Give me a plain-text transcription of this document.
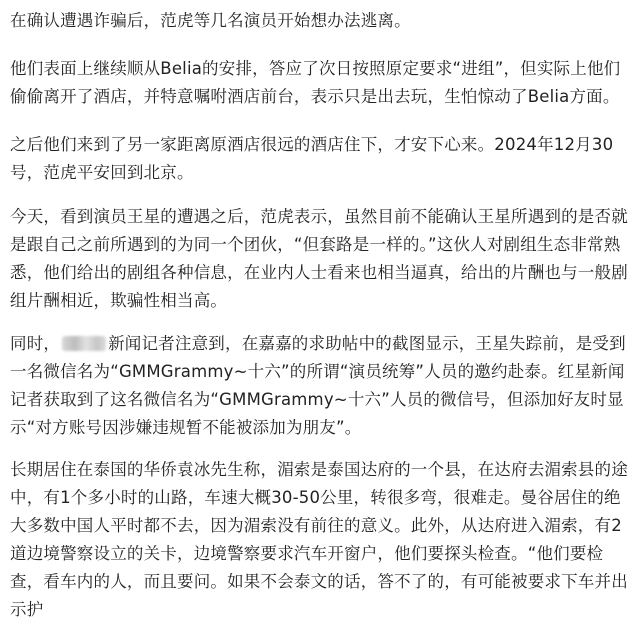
在确认遭遇诈骗后，范虎等几名演员开始想办法逃离。

他们表面上继续顺从Belia的安排，答应了次日按照原定要求“进组”，但实际上他们偷偷离开了酒店，并特意嘱咐酒店前台，表示只是出去玩，生怕惊动了Belia方面。

之后他们来到了另一家距离原酒店很远的酒店住下，才安下心来。2024年12月30号，范虎平安回到北京。

今天，看到演员王星的遭遇之后，范虎表示，虽然目前不能确认王星所遇到的是否就是跟自己之前所遇到的为同一个团伙，“但套路是一样的。”这伙人对剧组生态非常熟悉，他们给出的剧组各种信息，在业内人士看来也相当逼真，给出的片酬也与一般剧组片酬相近，欺骗性相当高。

同时，	新闻记者注意到，在嘉嘉的求助帖中的截图显示，王星失踪前，是受到一名微信名为“GMMGrammy~十六”的所谓“演员统筹”人员的邀约赴泰。红星新闻记者获取到了这名微信名为“GMMGrammy~十六”人员的微信号，但添加好友时显示“对方账号因涉嫌违规暂不能被添加为朋友”。

长期居住在泰国的华侨袁冰先生称，湄索是泰国达府的一个县，在达府去湄索县的途中，有1个多小时的山路，车速大概30-50公里，转很多弯，很难走。曼谷居住的绝大多数中国人平时都不去，因为湄索没有前往的意义。此外，从达府进入湄索，有2道边境警察设立的关卡，边境警察要求汽车开窗户，他们要探头检查。“他们要检查，看车内的人，而且要问。如果不会泰文的话，答不了的，有可能被要求下车并出示护
